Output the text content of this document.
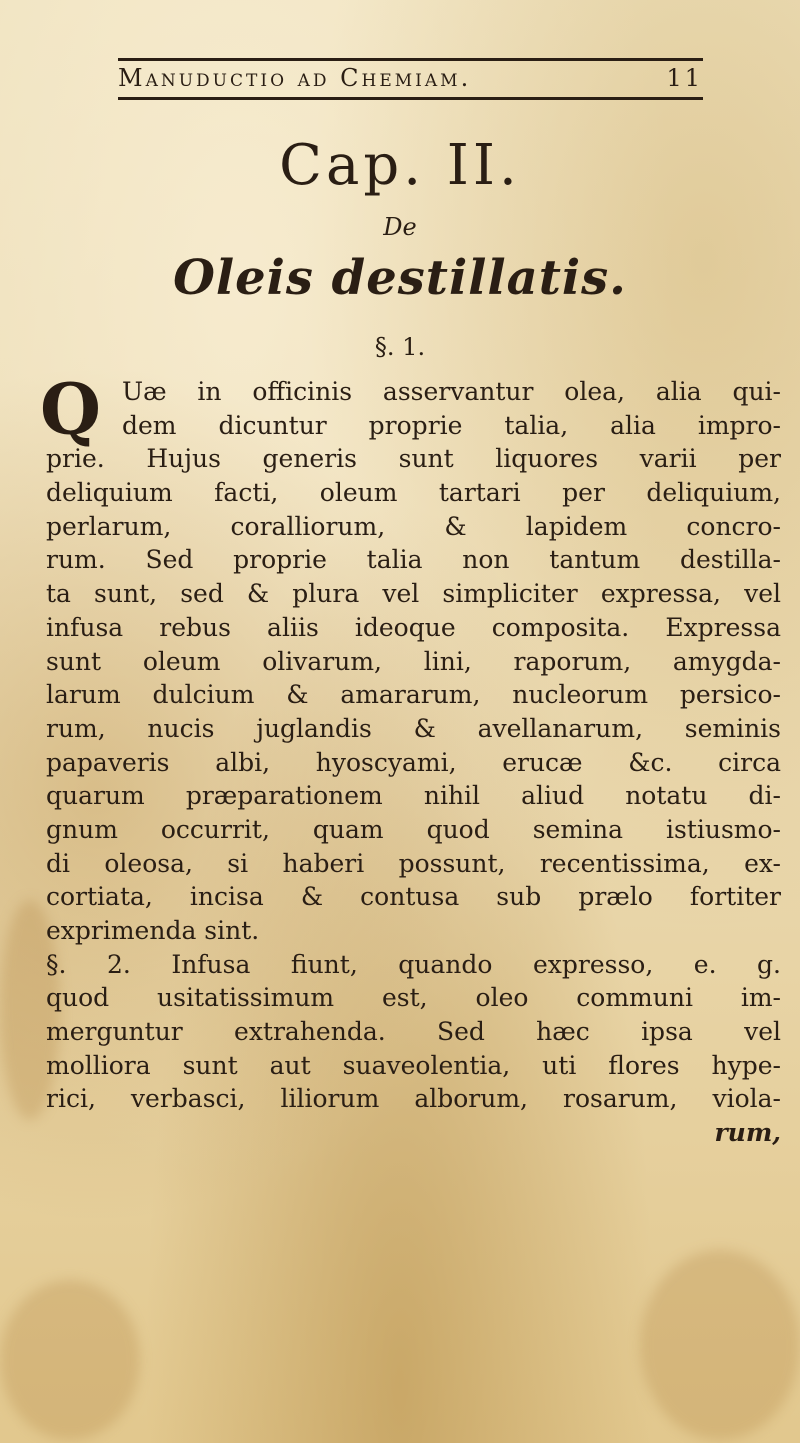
Manuductio ad Chemiam.	11
Cap. II.
De
Oleis destillatis.
§. 1.
Q Uæ in officinis asservantur olea, alia qui-
dem dicuntur proprie talia, alia impro-
prie. Hujus generis sunt liquores varii per
deliquium facti, oleum tartari per deliquium,
perlarum, coralliorum, & lapidem concro-
rum. Sed proprie talia non tantum destilla-
ta sunt, sed & plura vel simpliciter expressa, vel
infusa rebus aliis ideoque composita. Expressa
sunt oleum olivarum, lini, raporum, amygda-
larum dulcium & amararum, nucleorum persico-
rum, nucis juglandis & avellanarum, seminis
papaveris albi, hyoscyami, erucæ &c. circa
quarum præparationem nihil aliud notatu di-
gnum occurrit, quam quod semina istiusmo-
di oleosa, si haberi possunt, recentissima, ex-
cortiata, incisa & contusa sub prælo fortiter
exprimenda sint.
§. 2. Infusa fiunt, quando expresso, e. g.
quod usitatissimum est, oleo communi im-
merguntur extrahenda. Sed hæc ipsa vel
molliora sunt aut suaveolentia, uti flores hype-
rici, verbasci, liliorum alborum, rosarum, viola-
rum,
